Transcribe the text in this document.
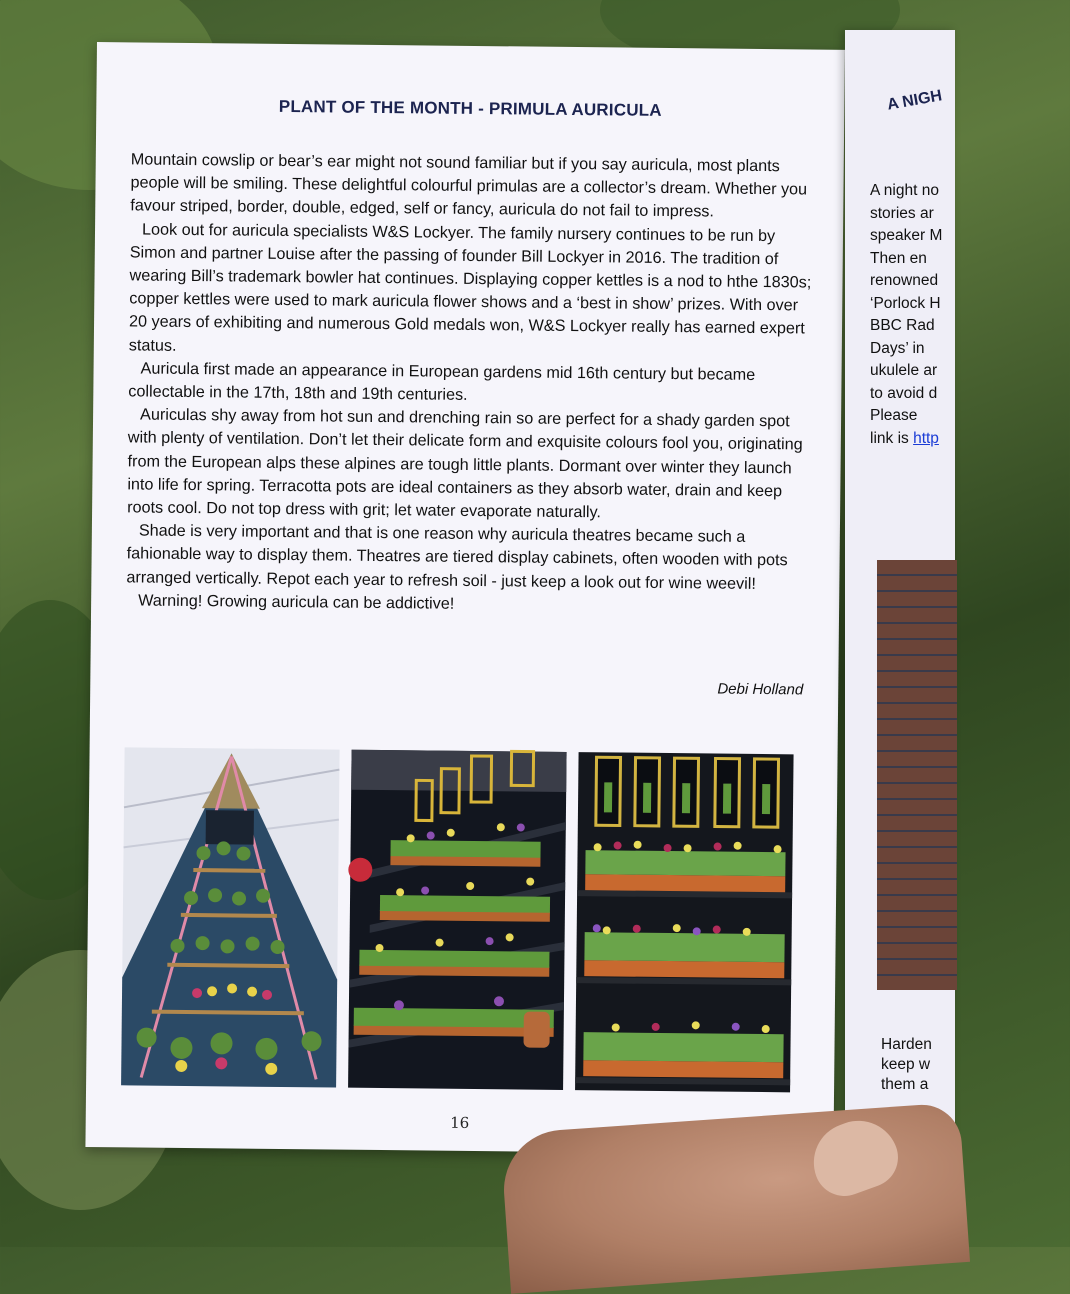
PLANT OF THE MONTH - PRIMULA AURICULA

Mountain cowslip or bear’s ear might not sound familiar but if you say auricula, most plants people will be smiling. These delightful colourful primulas are a collector’s dream. Whether you favour striped, border, double, edged, self or fancy, auricula do not fail to impress.

Look out for auricula specialists W&S Lockyer. The family nursery continues to be run by Simon and partner Louise after the passing of founder Bill Lockyer in 2016. The tradition of wearing Bill’s trademark bowler hat continues. Displaying copper kettles is a nod to hthe 1830s; copper kettles were used to mark auricula flower shows and a ‘best in show’ prizes. With over 20 years of exhibiting and numerous Gold medals won, W&S Lockyer really has earned expert status.

Auricula first made an appearance in European gardens mid 16th century but became collectable in the 17th, 18th and 19th centuries.

Auriculas shy away from hot sun and drenching rain so are perfect for a shady garden spot with plenty of ventilation. Don’t let their delicate form and exquisite colours fool you, originating from the European alps these alpines are tough little plants. Dormant over winter they launch into life for spring. Terracotta pots are ideal containers as they absorb water, drain and keep roots cool. Do not top dress with grit; let water evaporate naturally.

Shade is very important and that is one reason why auricula theatres became such a fahionable way to display them. Theatres are tiered display cabinets, often wooden with pots arranged vertically. Repot each year to refresh soil - just keep a look out for wine weevil!

Warning! Growing auricula can be addictive!

Debi Holland
16
A NIGH
A night no
stories ar
speaker M
Then en
renowned
‘Porlock H
BBC Rad
Days’ in
ukulele ar
to avoid d
Please
link is http
Harden
keep w
them a
